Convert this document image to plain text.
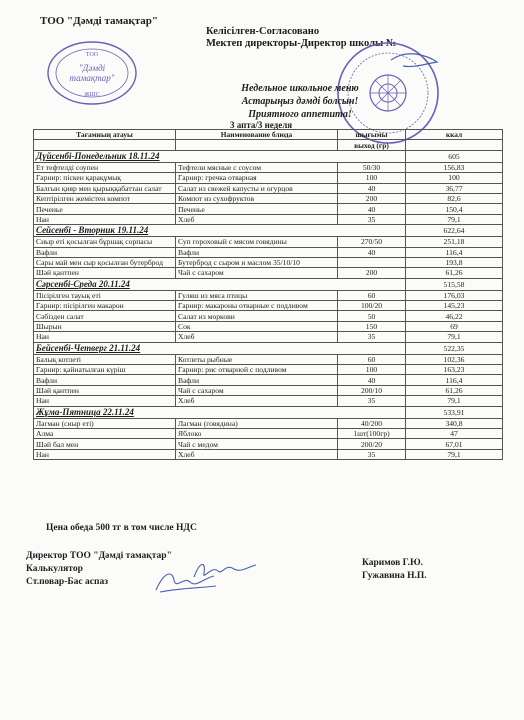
ТОО "Дәмді тамақтар"
Келісілген-Согласовано
Мектеп директоры-Директор школы №
ТОО
"Дәмді
тамақтар"
ЖШС
Недельное школьное меню
Астарыңыз дәмді болсын!
Приятного аппетита!
3 апта/3 неделя
Тағамның атауы	Наименование блюда	шығымы	ккал
		выход (гр)	
Дүйсенбі-Понедельник 18.11.24			605
Ет тефтелді соупен	Тефтели мясные с соусом	50/30	156,83
Гарнир: піскен қарақұмық	Гарнир: гречка отварная	100	100
Балғын қияр мен қырыққабаттан салат	Салат из свежей капусты и огурцов	40	36,77
Кептірілген жемістен компот	Компот из сухофруктов	200	82,6
Печенье	Печенье	40	150,4
Нан	Хлеб	35	79,1
Сейсенбі - Вторник 19.11.24			622,64
Сиыр еті қосылған бұршақ сорпасы	Суп гороховый с мясом говядины	270/50	251,18
Вафли	Вафли	40	116,4
Сары май мен сыр қосылған бутерброд	Бутерброд с сыром и маслом 35/10/10		193,8
Шәй қантпен	Чай с сахаром	200	61,26
Сәрсенбі-Среда 20.11.24			515,58
Пісірілген тауық еті	Гуляш из мяса птицы	60	176,03
Гарнир: пісірілген макарон	Гарнир: макароны отварные с подливом	100/20	145,23
Сәбізден салат	Салат из моркови	50	46,22
Шырын	Сок	150	69
Нан	Хлеб	35	79,1
Бейсенбі-Четверг 21.11.24			522,35
Балық котлеті	Котлеты рыбные	60	102,36
Гарнир: қайнатылған күріш	Гарнир: рис отварной с подливом	100	163,23
Вафли	Вафли	40	116,4
Шәй қантпен	Чай с сахаром	200/10	61,26
Нан	Хлеб	35	79,1
Жұма-Пятница 22.11.24			533,91
Лагман (сиыр еті)	Лагман (говядина)	40/200	340,8
Алма	Яблоко	1шт(100гр)	47
Шәй бал мен	Чай с медом	200/20	67,01
Нан	Хлеб	35	79,1
Цена обеда 500 тг в том числе НДС
Директор ТОО "Дәмді тамақтар"
Калькулятор
Ст.повар-Бас аспаз
Каримов Г.Ю.
Гужавина Н.П.
